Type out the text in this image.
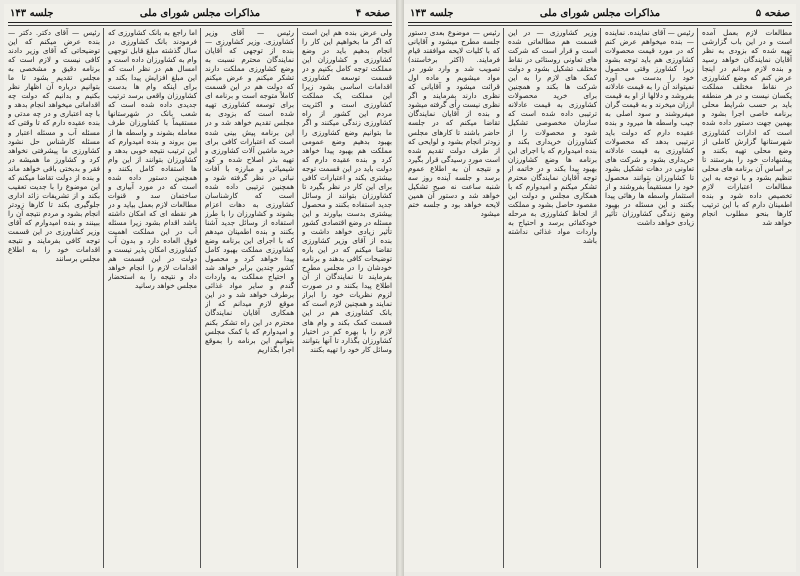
جلسه ۱۴۳	مذاکرات مجلس شورای ملی	صفحه ۴

ولی عرض بنده هم این است که اگر ما بخواهیم این کار را انجام بدهیم باید در وضع کشاورزی و کشاورزان این مملکت توجه کامل بکنیم و در قسمت توسعه کشاورزی اقدامات اساسی بشود زیرا این مملکت یک مملکت کشاورزی است و اکثریت مردم این کشور از راه کشاورزی زندگی میکنند و اگر ما بتوانیم وضع کشاورزی را بهبود بدهیم وضع عمومی مملکت هم بهبود پیدا خواهد کرد و بنده عقیده دارم که دولت باید در این قسمت توجه بیشتری بکند و اعتبارات کافی برای این کار در نظر بگیرد تا کشاورزان بتوانند از وسائل جدید استفاده بکنند و محصول بیشتری بدست بیاورند و این مسئله در وضع اقتصادی کشور تأثیر زیادی خواهد داشت و بنده از آقای وزیر کشاورزی تقاضا میکنم که در این باره توضیحات کافی بدهند و برنامه خودشان را در مجلس مطرح بفرمایند تا نمایندگان از آن اطلاع پیدا بکنند و در صورت لزوم نظریات خود را ابراز نمایند و همچنین لازم است که بانک کشاورزی هم در این قسمت کمک بکند و وام های لازم را با بهره کم در اختیار کشاورزان بگذارد تا آنها بتوانند وسائل کار خود را تهیه بکنند

رئیس — آقای وزیر کشاورزی. وزیر کشاورزی — بنده از توجهی که آقایان نمایندگان محترم نسبت به وضع کشاورزی مملکت دارند تشکر میکنم و عرض میکنم که دولت هم در این قسمت کاملاً متوجه است و برنامه ای برای توسعه کشاورزی تهیه شده است که بزودی به مجلس تقدیم خواهد شد و در این برنامه پیش بینی شده است که اعتبارات کافی برای خرید ماشین آلات کشاورزی و تهیه بذر اصلاح شده و کود شیمیائی و مبارزه با آفات نباتی در نظر گرفته شود و همچنین ترتیبی داده شده است که کارشناسان کشاورزی به دهات اعزام بشوند و کشاورزان را با طرز استفاده از وسائل جدید آشنا بکنند و بنده اطمینان میدهم که با اجرای این برنامه وضع کشاورزی مملکت بهبود کامل پیدا خواهد کرد و محصول کشور چندین برابر خواهد شد و احتیاج مملکت به واردات گندم و سایر مواد غذائی برطرف خواهد شد و در این موقع لازم میدانم که از همکاری آقایان نمایندگان محترم در این راه تشکر بکنم و امیدوارم که با کمک مجلس بتوانیم این برنامه را بموقع اجرا بگذاریم

اما راجع به بانک کشاورزی که فرمودند بانک کشاورزی در سال گذشته مبلغ قابل توجهی وام به کشاورزان داده است و امسال هم در نظر است که این مبلغ افزایش پیدا بکند و برای اینکه وام ها بدست کشاورزان واقعی برسد ترتیب جدیدی داده شده است که شعب بانک در شهرستانها مستقیماً با کشاورزان طرف معامله بشوند و واسطه ها از بین بروند و بنده امیدوارم که این ترتیب نتیجه خوبی بدهد و کشاورزان بتوانند از این وام ها استفاده کامل بکنند و همچنین دستور داده شده است که در مورد آبیاری و ساختمان سد و قنوات مطالعات لازم بعمل بیاید و در هر نقطه ای که امکان داشته باشد اقدام بشود زیرا مسئله آب در این مملکت اهمیت فوق العاده دارد و بدون آب کشاورزی امکان پذیر نیست و دولت در این قسمت هم اقدامات لازم را انجام خواهد داد و نتیجه را به استحضار مجلس خواهد رسانید

رئیس — آقای دکتر. دکتر — بنده عرض میکنم که این توضیحاتی که آقای وزیر دادند کافی نیست و لازم است که برنامه دقیق و مشخصی به مجلس تقدیم بشود تا ما بتوانیم درباره آن اظهار نظر بکنیم و بدانیم که دولت چه اقداماتی میخواهد انجام بدهد و با چه اعتباری و در چه مدتی و بنده عقیده دارم که تا وقتی که مسئله آب و مسئله اعتبار و مسئله کارشناس حل نشود کشاورزی ما پیشرفتی نخواهد کرد و کشاورز ما همیشه در فقر و بدبختی باقی خواهد ماند و بنده از دولت تقاضا میکنم که این موضوع را با جدیت تعقیب بکند و از تشریفات زائد اداری جلوگیری بکند تا کارها زودتر انجام بشود و مردم نتیجه آن را ببینند و بنده امیدوارم که آقای وزیر کشاورزی در این قسمت توجه کافی بفرمایند و نتیجه اقدامات خود را به اطلاع مجلس برسانند

جلسه ۱۴۳	مذاکرات مجلس شورای ملی	صفحه ۵

مطالعات لازم بعمل آمده است و در این باب گزارشی تهیه شده که بزودی به نظر آقایان نمایندگان خواهد رسید و بنده لازم میدانم در اینجا عرض کنم که وضع کشاورزی در نقاط مختلف مملکت یکسان نیست و در هر منطقه باید بر حسب شرایط محلی برنامه خاصی اجرا بشود و بهمین جهت دستور داده شده است که ادارات کشاورزی شهرستانها گزارش کاملی از وضع محلی تهیه بکنند و پیشنهادات خود را بفرستند تا بر اساس آن برنامه های محلی تنظیم بشود و با توجه به این مطالعات اعتبارات لازم تخصیص داده شود و بنده اطمینان دارم که با این ترتیب کارها بنحو مطلوب انجام خواهد شد

رئیس — آقای نماینده. نماینده — بنده میخواهم عرض کنم که در مورد قیمت محصولات کشاورزی هم باید توجه بشود زیرا کشاورز وقتی محصول خود را بدست می آورد نمیتواند آن را به قیمت عادلانه بفروشد و دلالها از او به قیمت ارزان میخرند و به قیمت گران میفروشند و سود اصلی به جیب واسطه ها میرود و بنده عقیده دارم که دولت باید ترتیبی بدهد که محصولات کشاورزی به قیمت عادلانه خریداری بشود و شرکت های تعاونی در دهات تشکیل بشود تا کشاورزان بتوانند محصول خود را مستقیماً بفروشند و از استثمار واسطه ها رهائی پیدا بکنند و این مسئله در بهبود وضع زندگی کشاورزان تأثیر زیادی خواهد داشت

وزیر کشاورزی — در این قسمت هم مطالعاتی شده است و قرار است که شرکت های تعاونی روستائی در نقاط مختلف تشکیل بشود و دولت کمک های لازم را به این شرکت ها بکند و همچنین برای خرید محصولات کشاورزی به قیمت عادلانه ترتیبی داده شده است که سازمان مخصوصی تشکیل شود و محصولات را از کشاورزان خریداری بکند و بنده امیدوارم که با اجرای این برنامه ها وضع کشاورزان بهبود پیدا بکند و در خاتمه از توجه آقایان نمایندگان محترم تشکر میکنم و امیدوارم که با همکاری مجلس و دولت این مقصود حاصل بشود و مملکت از لحاظ کشاورزی به مرحله خودکفائی برسد و احتیاج به واردات مواد غذائی نداشته باشد

رئیس — موضوع بعدی دستور جلسه مطرح میشود و آقایانی که با کلیات لایحه موافقند قیام فرمایند. (اکثر برخاستند) تصویب شد و وارد شور در مواد میشویم و ماده اول قرائت میشود و آقایانی که نظری دارند بفرمایند و اگر نظری نیست رأی گرفته میشود و بنده از آقایان نمایندگان تقاضا میکنم که در جلسه حاضر باشند تا کارهای مجلس زودتر انجام بشود و لوایحی که از طرف دولت تقدیم شده است مورد رسیدگی قرار بگیرد و نتیجه آن به اطلاع عموم برسد و جلسه آینده روز سه شنبه ساعت نه صبح تشکیل خواهد شد و دستور آن همین لایحه خواهد بود و جلسه ختم میشود
